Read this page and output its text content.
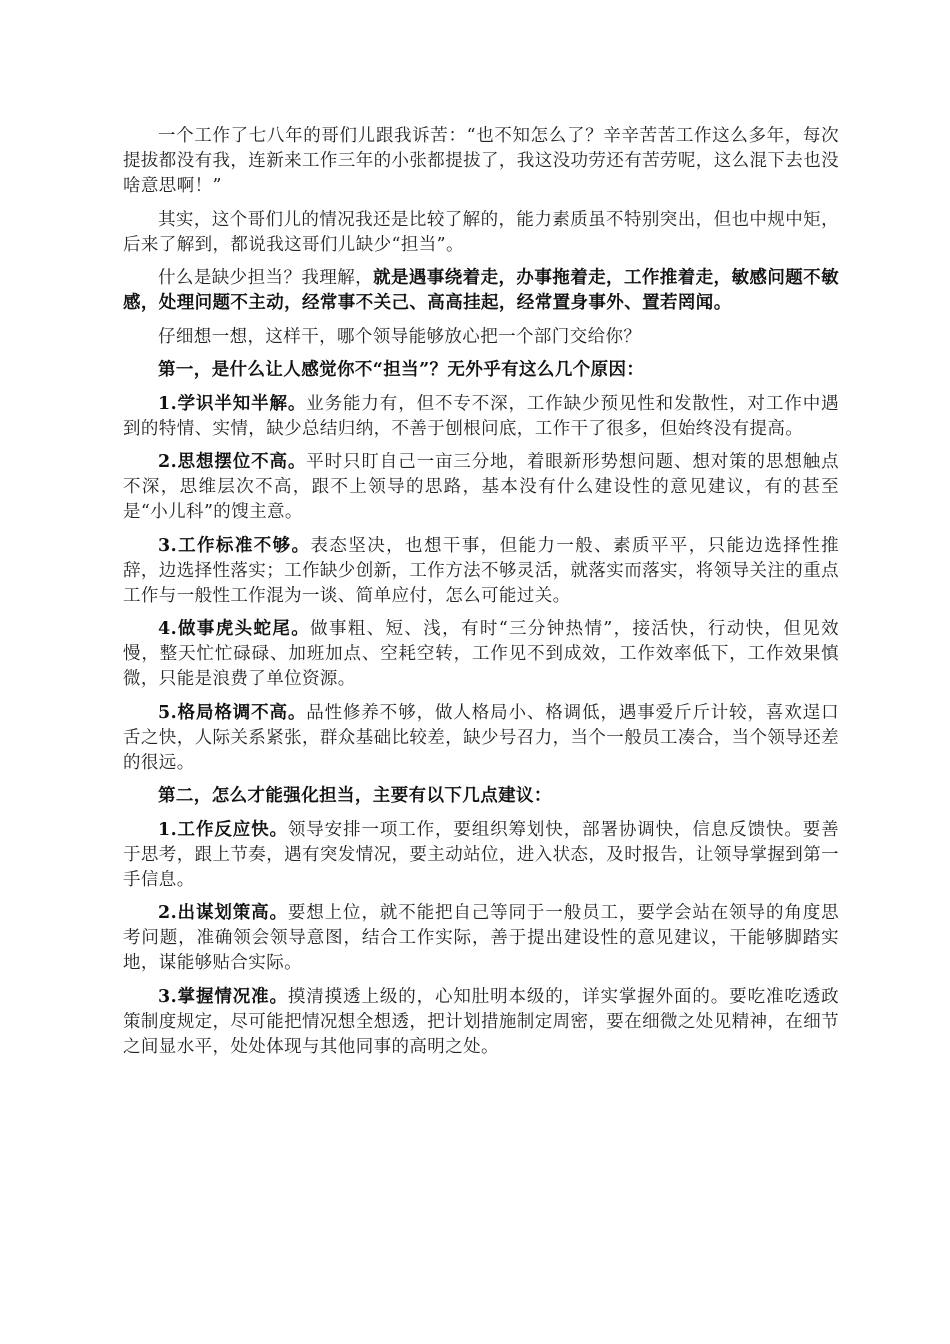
一个工作了七八年的哥们儿跟我诉苦：“也不知怎么了？辛辛苦苦工作这么多年，每次提拔都没有我，连新来工作三年的小张都提拔了，我这没功劳还有苦劳呢，这么混下去也没啥意思啊！”

其实，这个哥们儿的情况我还是比较了解的，能力素质虽不特别突出，但也中规中矩，后来了解到，都说我这哥们儿缺少“担当”。

什么是缺少担当？我理解，就是遇事绕着走，办事拖着走，工作推着走，敏感问题不敏感，处理问题不主动，经常事不关己、高高挂起，经常置身事外、置若罔闻。

仔细想一想，这样干，哪个领导能够放心把一个部门交给你？

第一，是什么让人感觉你不“担当”？无外乎有这么几个原因：

1.学识半知半解。业务能力有，但不专不深，工作缺少预见性和发散性，对工作中遇到的特情、实情，缺少总结归纳，不善于刨根问底，工作干了很多，但始终没有提高。

2.思想摆位不高。平时只盯自己一亩三分地，着眼新形势想问题、想对策的思想触点不深，思维层次不高，跟不上领导的思路，基本没有什么建设性的意见建议，有的甚至是“小儿科”的馊主意。

3.工作标准不够。表态坚决，也想干事，但能力一般、素质平平，只能边选择性推辞，边选择性落实；工作缺少创新，工作方法不够灵活，就落实而落实，将领导关注的重点工作与一般性工作混为一谈、简单应付，怎么可能过关。

4.做事虎头蛇尾。做事粗、短、浅，有时“三分钟热情”，接活快，行动快，但见效慢，整天忙忙碌碌、加班加点、空耗空转，工作见不到成效，工作效率低下，工作效果慎微，只能是浪费了单位资源。

5.格局格调不高。品性修养不够，做人格局小、格调低，遇事爱斤斤计较，喜欢逞口舌之快，人际关系紧张，群众基础比较差，缺少号召力，当个一般员工凑合，当个领导还差的很远。

第二，怎么才能强化担当，主要有以下几点建议：

1.工作反应快。领导安排一项工作，要组织筹划快，部署协调快，信息反馈快。要善于思考，跟上节奏，遇有突发情况，要主动站位，进入状态，及时报告，让领导掌握到第一手信息。

2.出谋划策高。要想上位，就不能把自己等同于一般员工，要学会站在领导的角度思考问题，准确领会领导意图，结合工作实际，善于提出建设性的意见建议，干能够脚踏实地，谋能够贴合实际。

3.掌握情况准。摸清摸透上级的，心知肚明本级的，详实掌握外面的。要吃准吃透政策制度规定，尽可能把情况想全想透，把计划措施制定周密，要在细微之处见精神，在细节之间显水平，处处体现与其他同事的高明之处。
